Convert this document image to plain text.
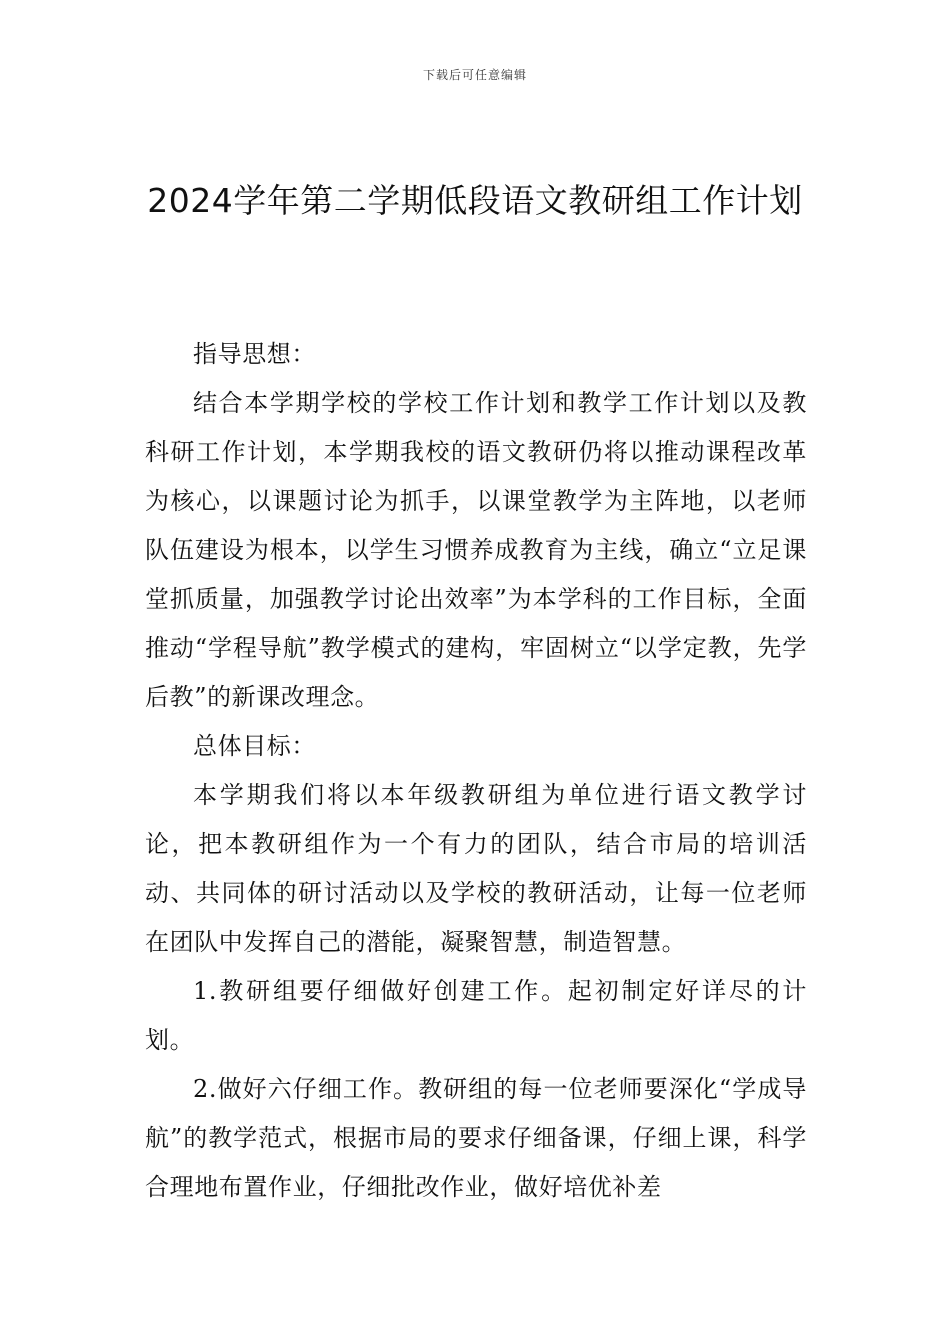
下载后可任意编辑
2024学年第二学期低段语文教研组工作计划

指导思想：

结合本学期学校的学校工作计划和教学工作计划以及教科研工作计划，本学期我校的语文教研仍将以推动课程改革为核心，以课题讨论为抓手，以课堂教学为主阵地，以老师队伍建设为根本，以学生习惯养成教育为主线，确立“立足课堂抓质量，加强教学讨论出效率”为本学科的工作目标，全面推动“学程导航”教学模式的建构，牢固树立“以学定教，先学后教”的新课改理念。

总体目标：

本学期我们将以本年级教研组为单位进行语文教学讨论，把本教研组作为一个有力的团队，结合市局的培训活动、共同体的研讨活动以及学校的教研活动，让每一位老师在团队中发挥自己的潜能，凝聚智慧，制造智慧。

1.教研组要仔细做好创建工作。起初制定好详尽的计划。

2.做好六仔细工作。教研组的每一位老师要深化“学成导航”的教学范式，根据市局的要求仔细备课，仔细上课，科学合理地布置作业，仔细批改作业，做好培优补差
